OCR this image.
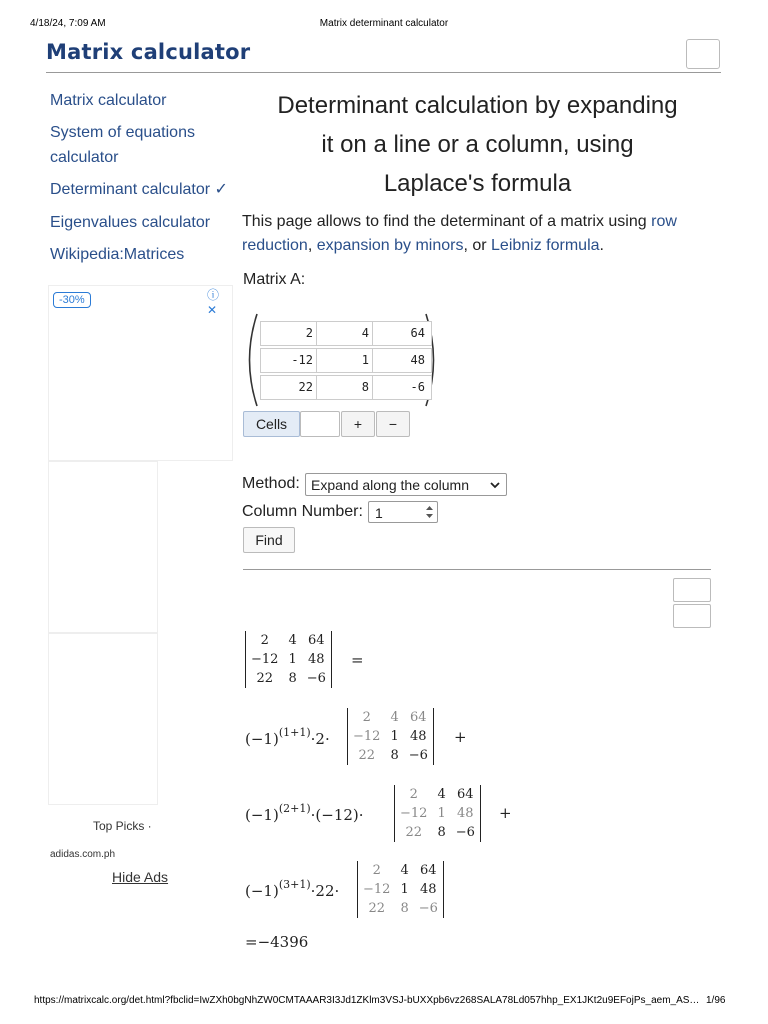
4/18/24, 7:09 AM	Matrix determinant calculator
Matrix calculator
Matrix calculator
System of equations calculator
Determinant calculator ✓
Eigenvalues calculator
Wikipedia:Matrices
-30%	ⓘ ✕
Top Picks ·
adidas.com.ph
Hide Ads
Determinant calculation by expanding
it on a line or a column, using
Laplace's formula
This page allows to find the determinant of a matrix using row reduction, expansion by minors, or Leibniz formula.
Matrix A:
2	4	64
-12	1	48
22	8	-6
Cells	+	−
Method: Expand along the column
Column Number: 1
Find
2	4	64
−12	1	48
22	8	−6
=
$(-1)^{(1+1)}\cdot 2\cdot$
2	4	64
−12	1	48
22	8	−6
+
$(-1)^{(2+1)}\cdot(-12)\cdot$
2	4	64
−12	1	48
22	8	−6
+
$(-1)^{(3+1)}\cdot 22\cdot$
2	4	64
−12	1	48
22	8	−6
=−4396
https://matrixcalc.org/det.html?fbclid=IwZXh0bgNhZW0CMTAAAR3I3Jd1ZKlm3VSJ-bUXXpb6vz268SALA78Ld057hhp_EX1JKt2u9EFojPs_aem_AS… 1/96
